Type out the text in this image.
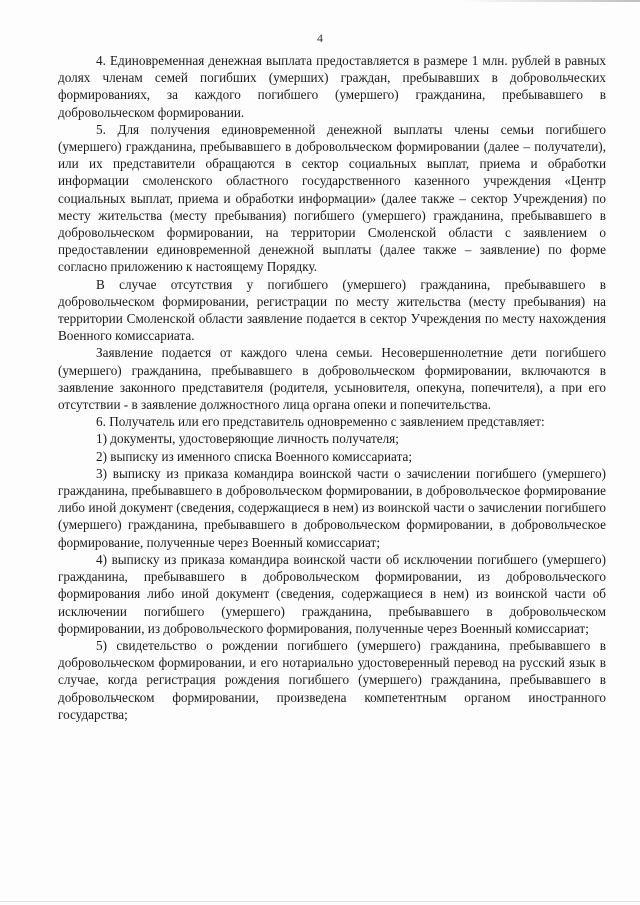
4

4. Единовременная денежная выплата предоставляется в размере 1 млн. рублей в равных долях членам семей погибших (умерших) граждан, пребывавших в добровольческих формированиях, за каждого погибшего (умершего) гражданина, пребывавшего в добровольческом формировании.

5. Для получения единовременной денежной выплаты члены семьи погибшего (умершего) гражданина, пребывавшего в добровольческом формировании (далее – получатели), или их представители обращаются в сектор социальных выплат, приема и обработки информации смоленского областного государственного казенного учреждения «Центр социальных выплат, приема и обработки информации» (далее также – сектор Учреждения) по месту жительства (месту пребывания) погибшего (умершего) гражданина, пребывавшего в добровольческом формировании, на территории Смоленской области с заявлением о предоставлении единовременной денежной выплаты (далее также – заявление) по форме согласно приложению к настоящему Порядку.

В случае отсутствия у погибшего (умершего) гражданина, пребывавшего в добровольческом формировании, регистрации по месту жительства (месту пребывания) на территории Смоленской области заявление подается в сектор Учреждения по месту нахождения Военного комиссариата.

Заявление подается от каждого члена семьи. Несовершеннолетние дети погибшего (умершего) гражданина, пребывавшего в добровольческом формировании, включаются в заявление законного представителя (родителя, усыновителя, опекуна, попечителя), а при его отсутствии - в заявление должностного лица органа опеки и попечительства.

6. Получатель или его представитель одновременно с заявлением представляет:

1) документы, удостоверяющие личность получателя;

2) выписку из именного списка Военного комиссариата;

3) выписку из приказа командира воинской части о зачислении погибшего (умершего) гражданина, пребывавшего в добровольческом формировании, в добровольческое формирование либо иной документ (сведения, содержащиеся в нем) из воинской части о зачислении погибшего (умершего) гражданина, пребывавшего в добровольческом формировании, в добровольческое формирование, полученные через Военный комиссариат;

4) выписку из приказа командира воинской части об исключении погибшего (умершего) гражданина, пребывавшего в добровольческом формировании, из добровольческого формирования либо иной документ (сведения, содержащиеся в нем) из воинской части об исключении погибшего (умершего) гражданина, пребывавшего в добровольческом формировании, из добровольческого формирования, полученные через Военный комиссариат;

5) свидетельство о рождении погибшего (умершего) гражданина, пребывавшего в добровольческом формировании, и его нотариально удостоверенный перевод на русский язык в случае, когда регистрация рождения погибшего (умершего) гражданина, пребывавшего в добровольческом формировании, произведена компетентным органом иностранного государства;
